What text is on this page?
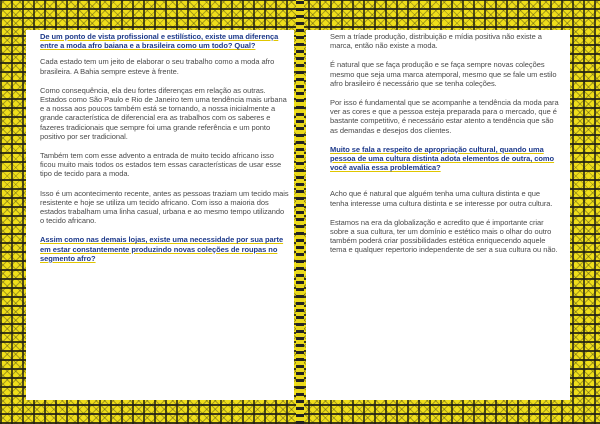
De um ponto de vista profissional e estilístico, existe uma diferença entre a moda afro baiana e a brasileira como um todo? Qual?

Cada estado tem um jeito de elaborar o seu trabalho como a moda afro brasileira. A Bahia sempre esteve à frente.

Como consequência, ela deu fortes diferenças em relação as outras. Estados como São Paulo e Rio de Janeiro tem uma tendência mais urbana e a nossa aos poucos também está se tornando, a nossa inicialmente a grande característica de diferencial era as trabalhos com os saberes e fazeres tradicionais que sempre foi uma grande referência e um ponto positivo por ser tradicional.

Também tem com esse advento a entrada de muito tecido africano isso ficou muito mais todos os estados tem essas características de usar esse tipo de tecido para a moda.

Isso é um acontecimento recente, antes as pessoas traziam um tecido mais resistente e hoje se utiliza um tecido africano. Com isso a maioria dos estados trabalham uma linha casual, urbana e ao mesmo tempo utilizando o tecido africano.

Assim como nas demais lojas, existe uma necessidade por sua parte em estar constantemente produzindo novas coleções de roupas no segmento afro?

Sem a tríade produção, distribuição e mídia positiva não existe a marca, então não existe a moda.

É natural que se faça produção e se faça sempre novas coleções mesmo que seja uma marca atemporal, mesmo que se fale um estilo afro brasileiro é necessário que se tenha coleções.

Por isso é fundamental que se acompanhe a tendência da moda para ver as cores e que a pessoa esteja preparada para o mercado, que é bastante competitivo, é necessário estar atento a tendência que são as demandas e desejos dos clientes.

Muito se fala a respeito de apropriação cultural, quando uma pessoa de uma cultura distinta adota elementos de outra, como você avalia essa problemática?

Acho que é natural que alguém tenha uma cultura distinta e que tenha interesse uma cultura distinta e se interesse por outra cultura.

Estamos na era da globalização e acredito que é importante criar sobre a sua cultura, ter um domínio e estético mais o olhar do outro também poderá criar possibilidades estética enriquecendo aquele tema e qualquer repertorio independente de ser a sua cultura ou não.
